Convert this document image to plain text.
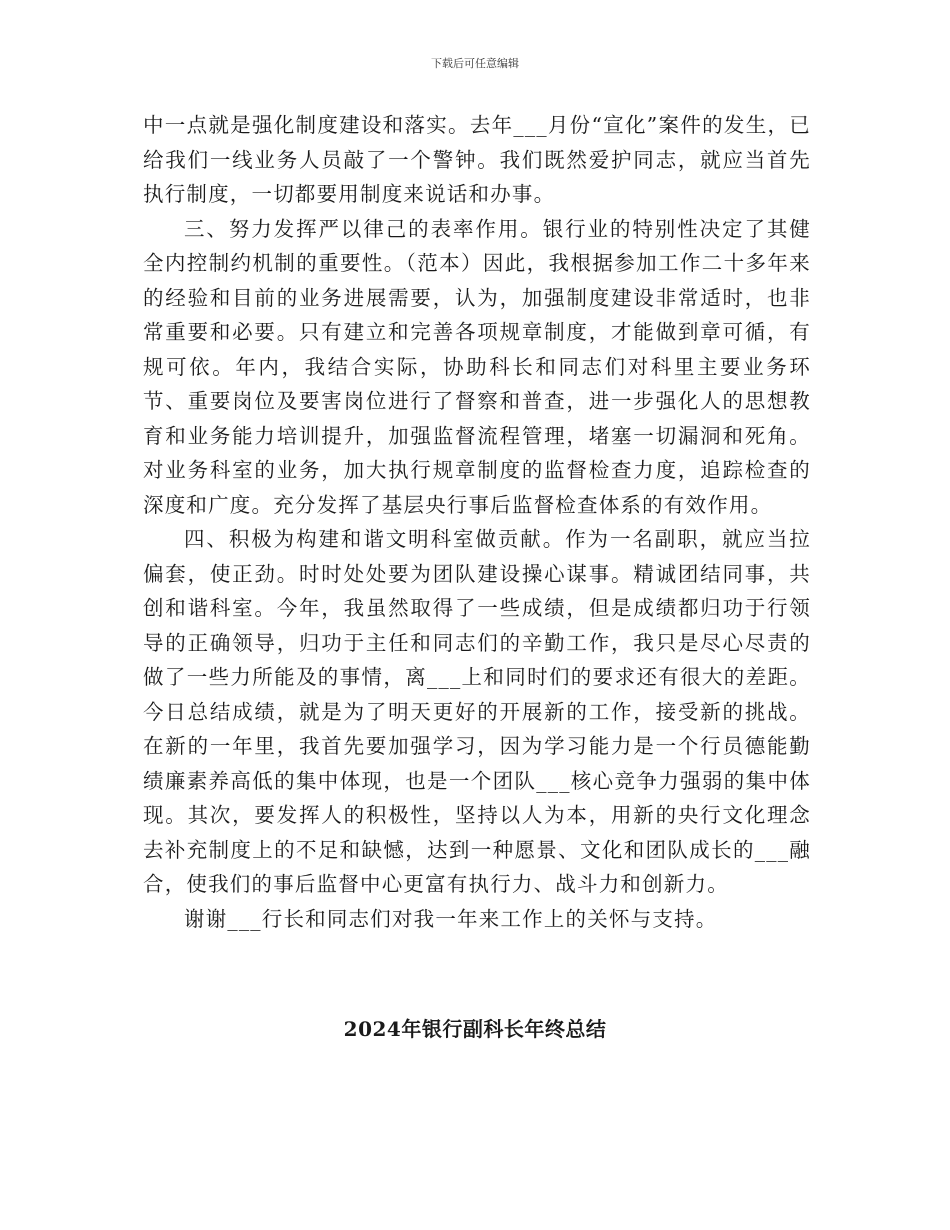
下载后可任意编辑

中一点就是强化制度建设和落实。去年___月份“宣化”案件的发生，已给我们一线业务人员敲了一个警钟。我们既然爱护同志，就应当首先执行制度，一切都要用制度来说话和办事。

三、努力发挥严以律己的表率作用。银行业的特别性决定了其健全内控制约机制的重要性。（范本）因此，我根据参加工作二十多年来的经验和目前的业务进展需要，认为，加强制度建设非常适时，也非常重要和必要。只有建立和完善各项规章制度，才能做到章可循，有规可依。年内，我结合实际，协助科长和同志们对科里主要业务环节、重要岗位及要害岗位进行了督察和普查，进一步强化人的思想教育和业务能力培训提升，加强监督流程管理，堵塞一切漏洞和死角。对业务科室的业务，加大执行规章制度的监督检查力度，追踪检查的深度和广度。充分发挥了基层央行事后监督检查体系的有效作用。

四、积极为构建和谐文明科室做贡献。作为一名副职，就应当拉偏套，使正劲。时时处处要为团队建设操心谋事。精诚团结同事，共创和谐科室。今年，我虽然取得了一些成绩，但是成绩都归功于行领导的正确领导，归功于主任和同志们的辛勤工作，我只是尽心尽责的做了一些力所能及的事情，离___上和同时们的要求还有很大的差距。今日总结成绩，就是为了明天更好的开展新的工作，接受新的挑战。在新的一年里，我首先要加强学习，因为学习能力是一个行员德能勤绩廉素养高低的集中体现，也是一个团队___核心竞争力强弱的集中体现。其次，要发挥人的积极性，坚持以人为本，用新的央行文化理念去补充制度上的不足和缺憾，达到一种愿景、文化和团队成长的___融合，使我们的事后监督中心更富有执行力、战斗力和创新力。

谢谢___行长和同志们对我一年来工作上的关怀与支持。

2024年银行副科长年终总结
